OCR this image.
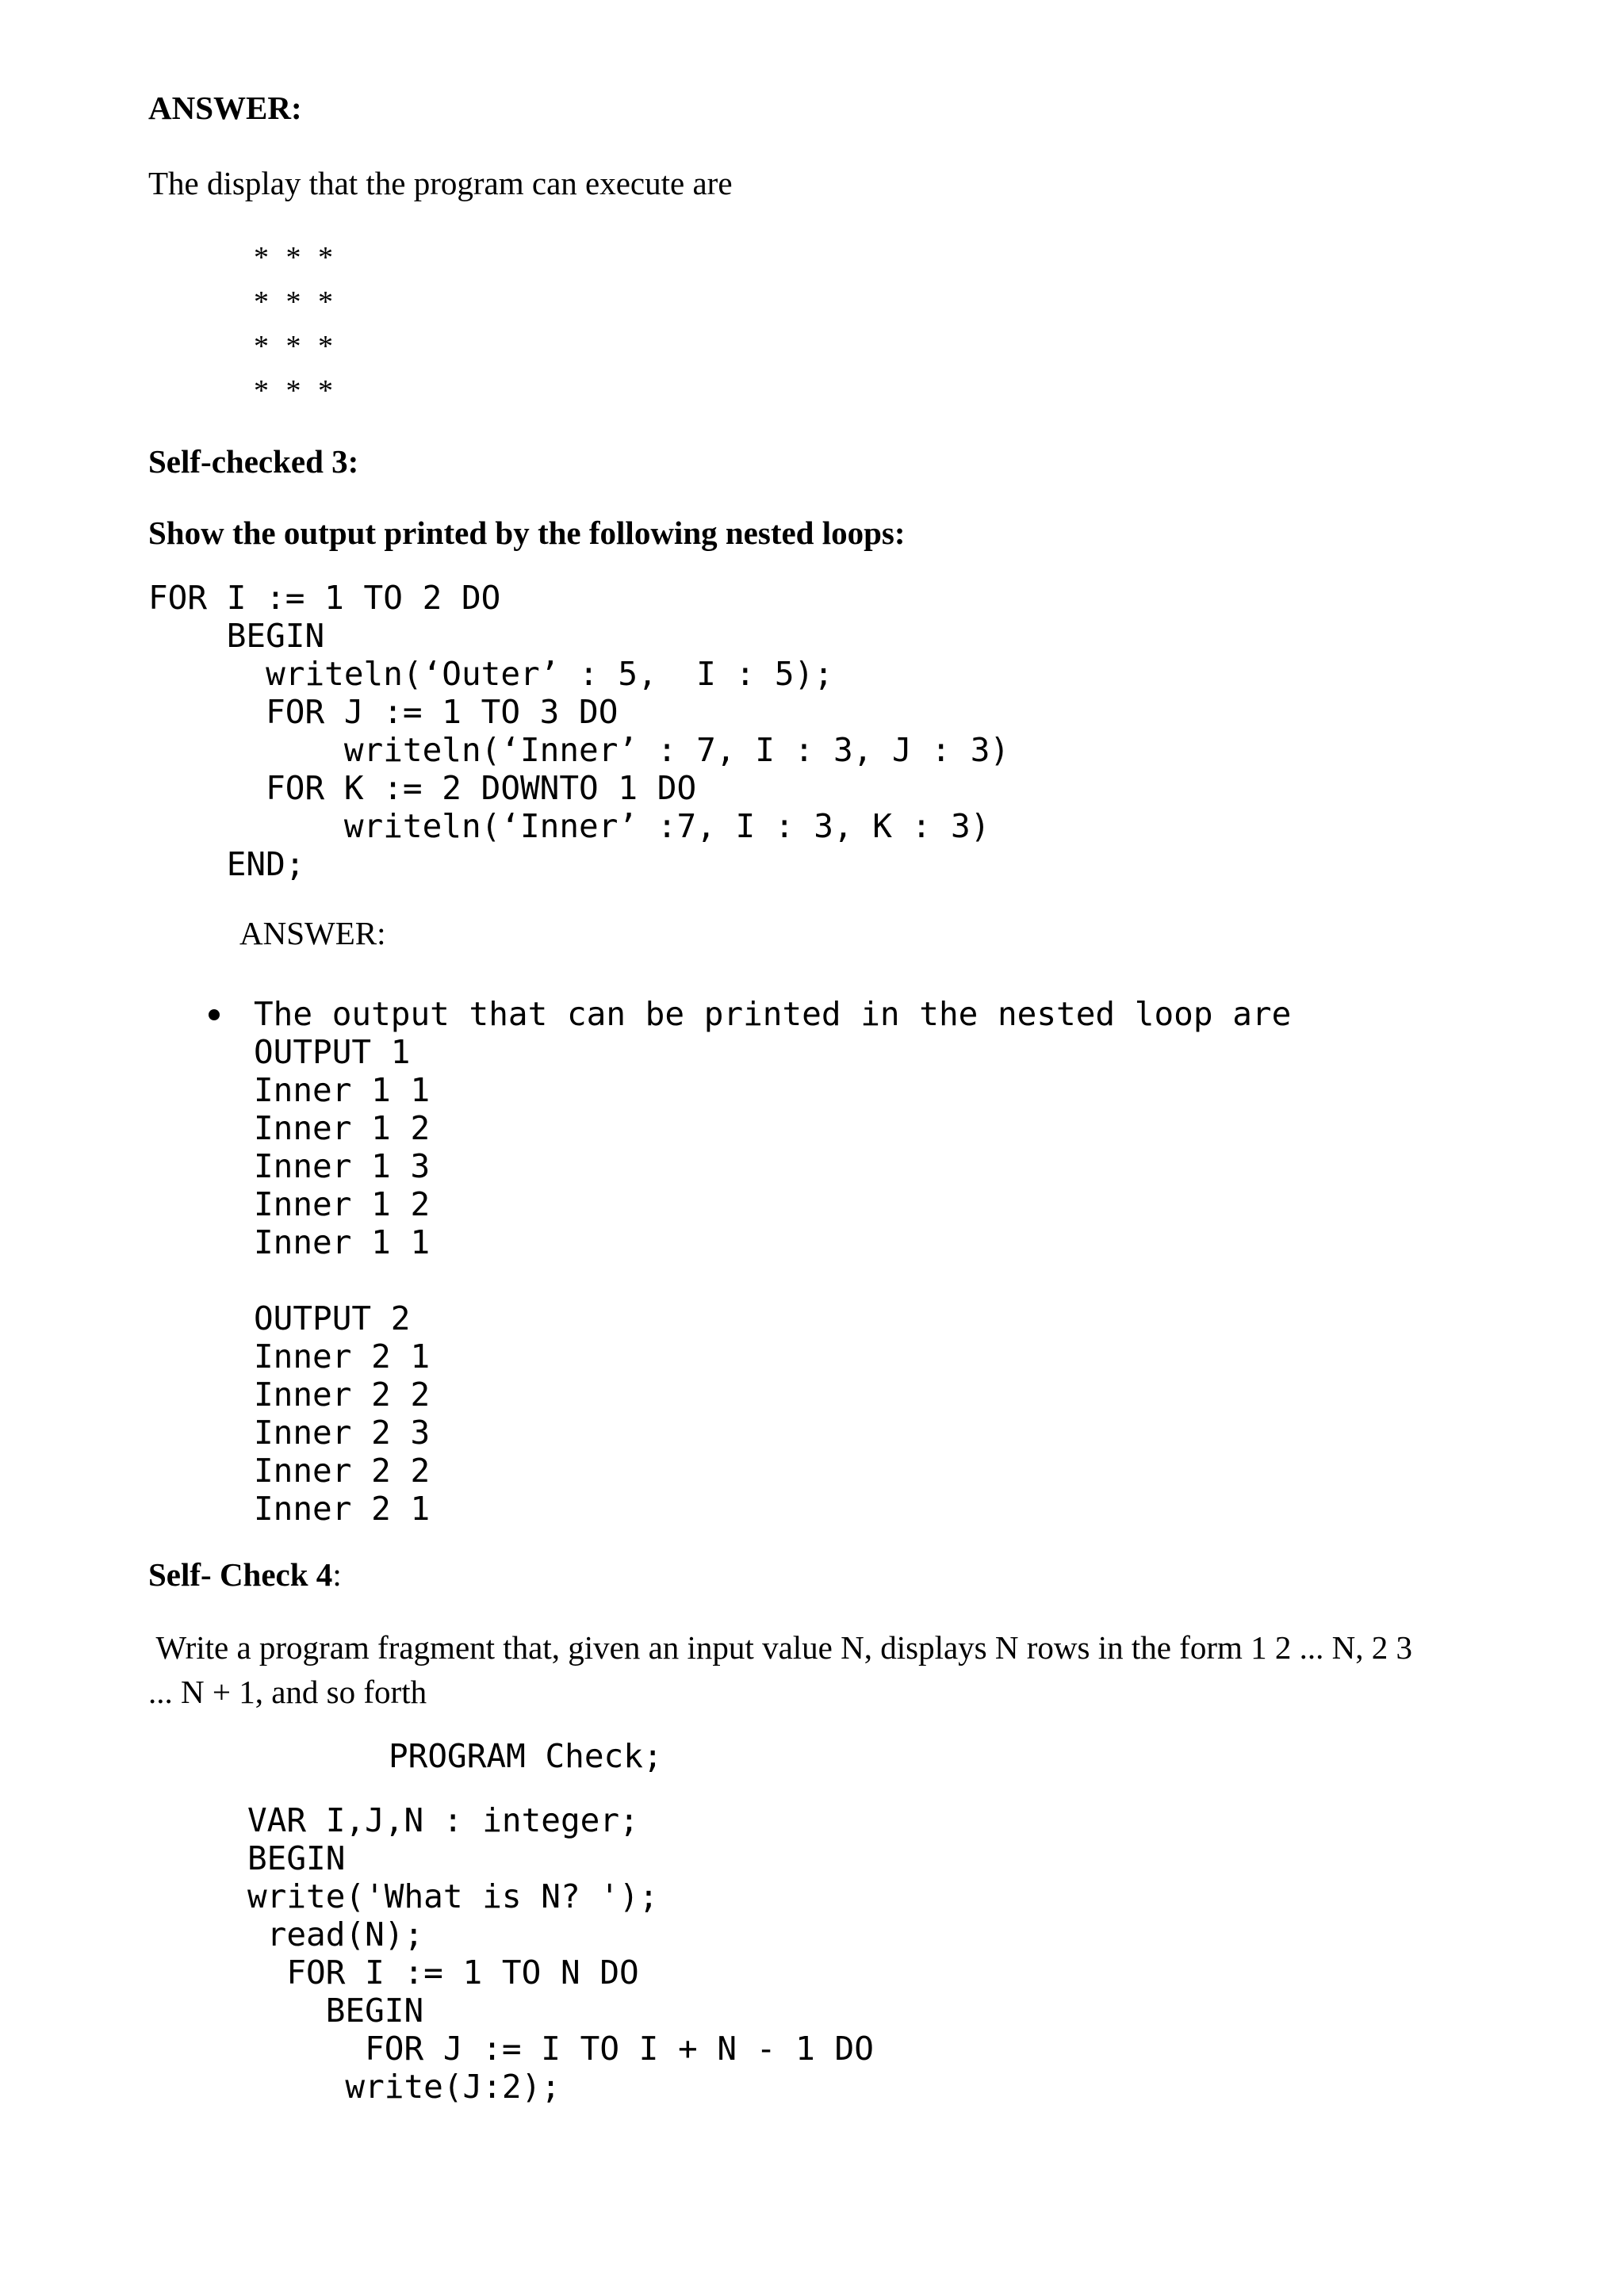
ANSWER:
The display that the program can execute are
* * *
* * *
* * *
* * *
Self-checked 3:
Show the output printed by the following nested loops:
FOR I := 1 TO 2 DO
BEGIN
writeln(‘Outer’ : 5,  I : 5);
FOR J := 1 TO 3 DO
writeln(‘Inner’ : 7, I : 3, J : 3)
FOR K := 2 DOWNTO 1 DO
writeln(‘Inner’ :7, I : 3, K : 3)
END;
ANSWER:
The output that can be printed in the nested loop are
OUTPUT 1
Inner 1 1
Inner 1 2
Inner 1 3
Inner 1 2
Inner 1 1
OUTPUT 2
Inner 2 1
Inner 2 2
Inner 2 3
Inner 2 2
Inner 2 1
Self- Check 4:
Write a program fragment that, given an input value N, displays N rows in the form 1 2 ... N, 2 3
... N + 1, and so forth
PROGRAM Check;
VAR I,J,N : integer;
BEGIN
write('What is N? ');
read(N);
FOR I := 1 TO N DO
BEGIN
FOR J := I TO I + N - 1 DO
write(J:2);
